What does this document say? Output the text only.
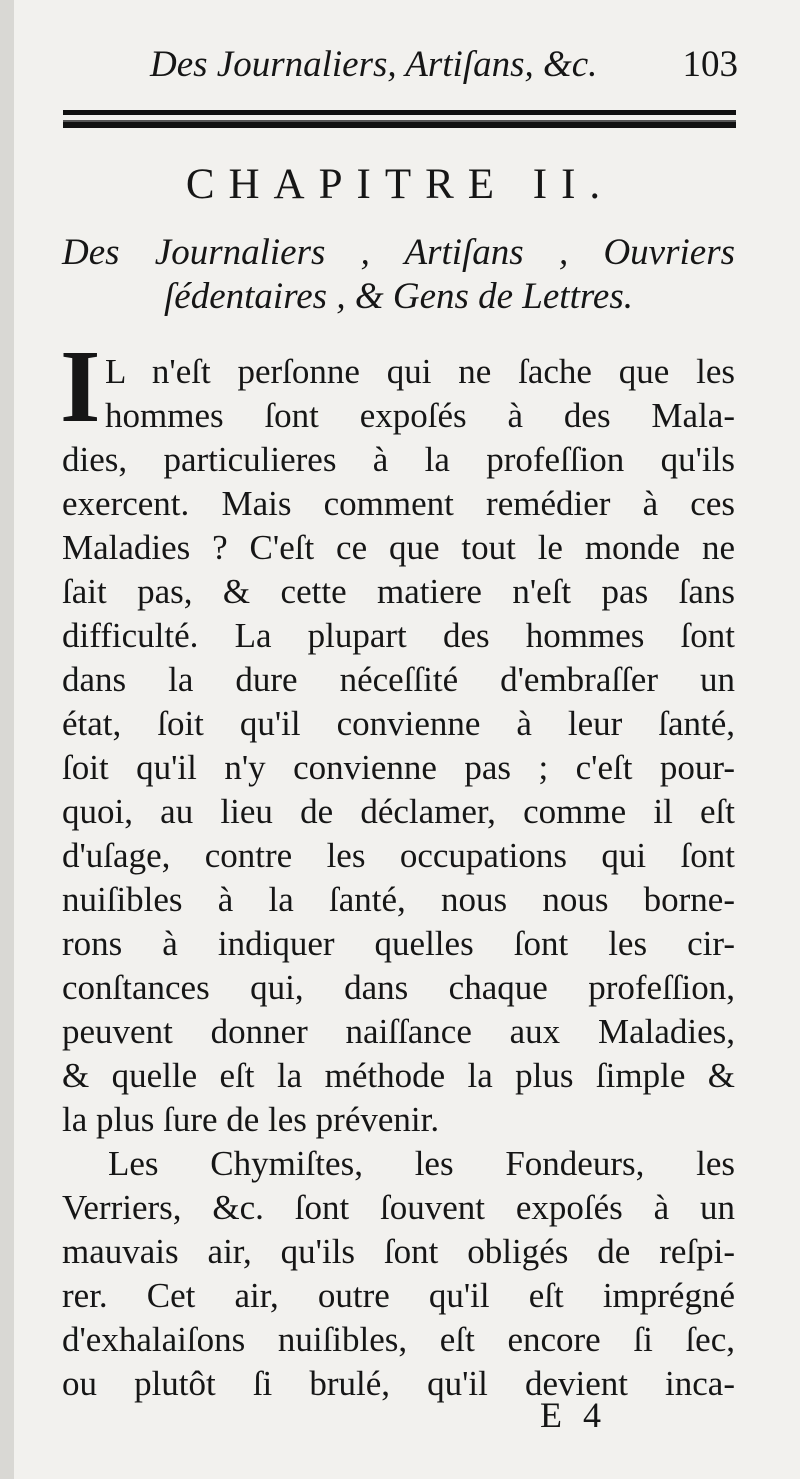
Des Journaliers, Artiſans, &c. 103
CHAPITRE II.
Des Journaliers , Artiſans , Ouvriers
ſédentaires , & Gens de Lettres.
I L n'eſt perſonne qui ne ſache que les
hommes ſont expoſés à des Mala-
dies, particulieres à la profeſſion qu'ils
exercent. Mais comment remédier à ces
Maladies ? C'eſt ce que tout le monde ne
ſait pas, & cette matiere n'eſt pas ſans
difficulté. La plupart des hommes ſont
dans la dure néceſſité d'embraſſer un
état, ſoit qu'il convienne à leur ſanté,
ſoit qu'il n'y convienne pas ; c'eſt pour-
quoi, au lieu de déclamer, comme il eſt
d'uſage, contre les occupations qui ſont
nuiſibles à la ſanté, nous nous borne-
rons à indiquer quelles ſont les cir-
conſtances qui, dans chaque profeſſion,
peuvent donner naiſſance aux Maladies,
& quelle eſt la méthode la plus ſimple &
la plus ſure de les prévenir.
Les Chymiſtes, les Fondeurs, les
Verriers, &c. ſont ſouvent expoſés à un
mauvais air, qu'ils ſont obligés de reſpi-
rer. Cet air, outre qu'il eſt imprégné
d'exhalaiſons nuiſibles, eſt encore ſi ſec,
ou plutôt ſi brulé, qu'il devient inca-
E 4
